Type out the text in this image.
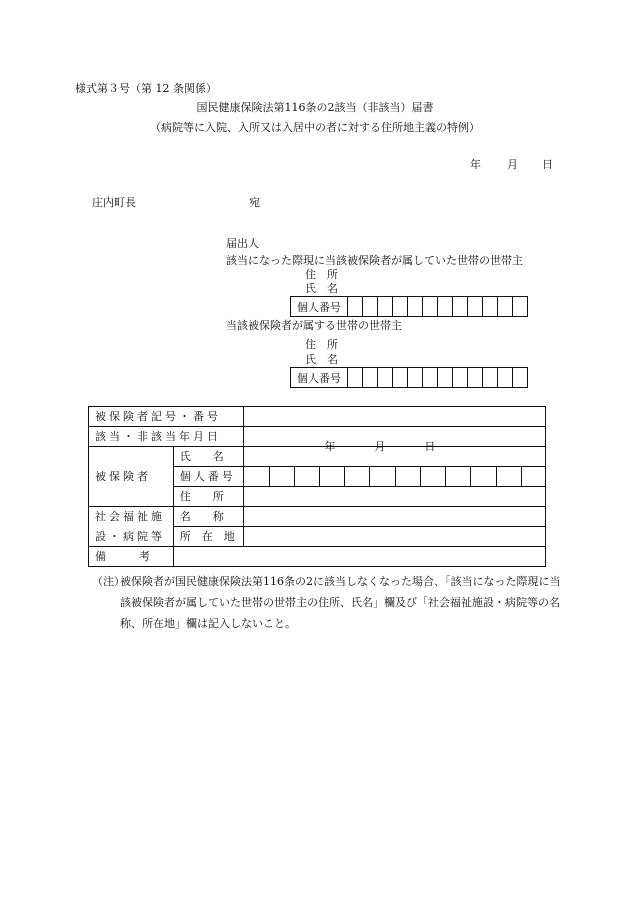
様式第３号（第 12 条関係）
国民健康保険法第116条の2該当（非該当）届書
（病院等に入院、入所又は入居中の者に対する住所地主義の特例）
年 月 日
庄内町長	宛
届出人
該当になった際現に当該被保険者が属していた世帯の世帯主
住　所
氏　名
個人番号												
当該被保険者が属する世帯の世帯主
住　所
氏　名
個人番号												
被保険者記号・番号													
該当・非該当年月日		年 月 日											

被保険者	氏　　名												
	個人番号												
	住　　所												
社会福祉施	名　　称												
設・病院等	所　在　地												
備　　　考													
（注）
被保険者が国民健康保険法第116条の2に該当しなくなった場合、「該当になった際現に当該被保険者が属していた世帯の世帯主の住所、氏名」欄及び「社会福祉施設・病院等の名称、所在地」欄は記入しないこと。
